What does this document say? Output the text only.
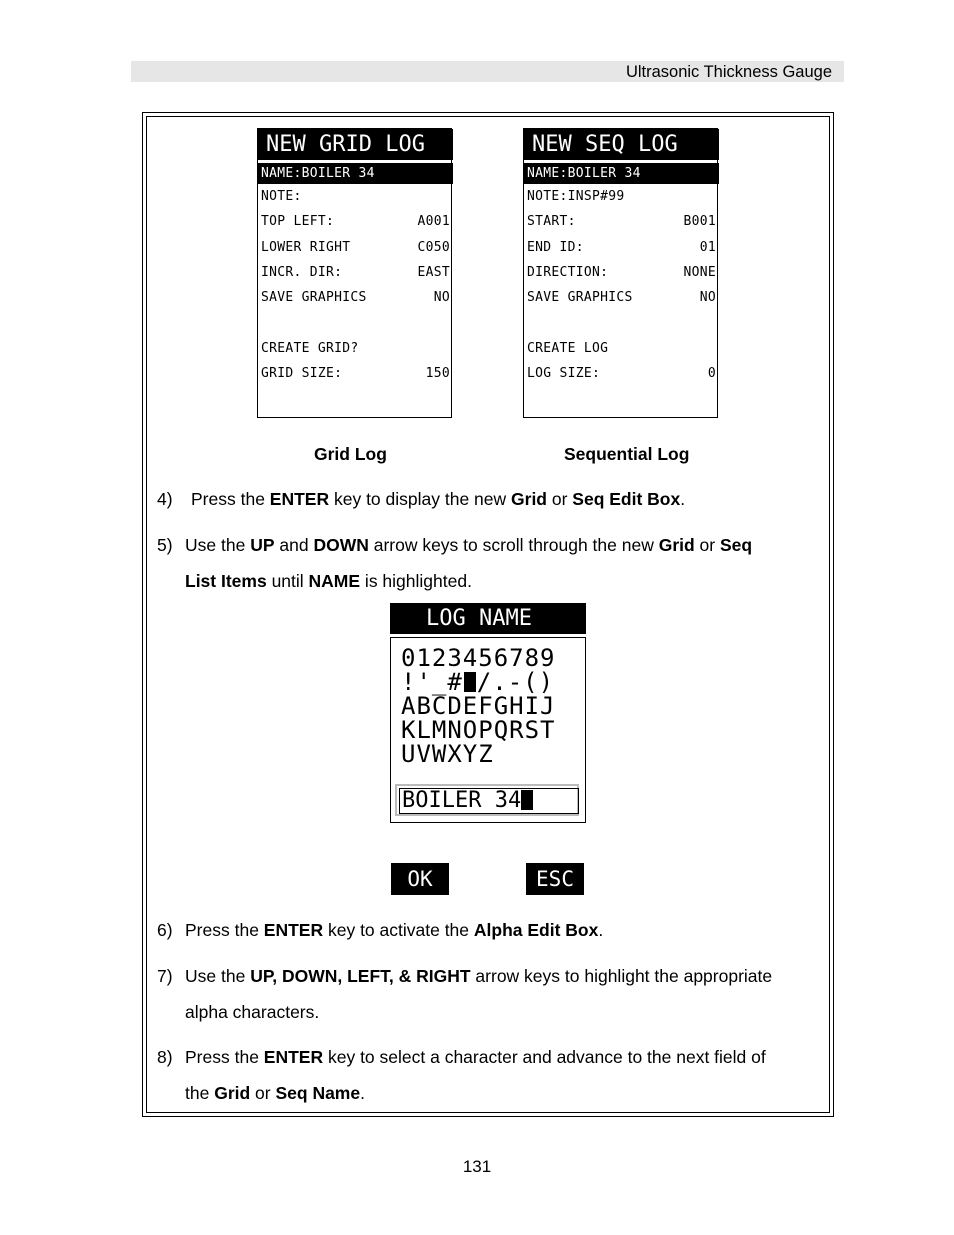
Ultrasonic Thickness Gauge
NEW GRID LOG
NAME:BOILER 34
NOTE:
TOP LEFT:	A001
LOWER RIGHT	C050
INCR. DIR:	EAST
SAVE GRAPHICS	NO
CREATE GRID?
GRID SIZE:	150
NEW SEQ LOG
NAME:BOILER 34
NOTE:INSP#99
START:	B001
END ID:	01
DIRECTION:	NONE
SAVE GRAPHICS	NO
CREATE LOG
LOG SIZE:	0
Grid Log	Sequential Log
4) Press the ENTER key to display the new Grid or Seq Edit Box.
5) Use the UP and DOWN arrow keys to scroll through the new Grid or Seq
List Items until NAME is highlighted.
LOG NAME
0123456789
!'_# /.-()
ABCDEFGHIJ
KLMNOPQRST
UVWXYZ
BOILER 34
OK	ESC
6) Press the ENTER key to activate the Alpha Edit Box.
7) Use the UP, DOWN, LEFT, & RIGHT arrow keys to highlight the appropriate
alpha characters.
8) Press the ENTER key to select a character and advance to the next field of
the Grid or Seq Name.
131
